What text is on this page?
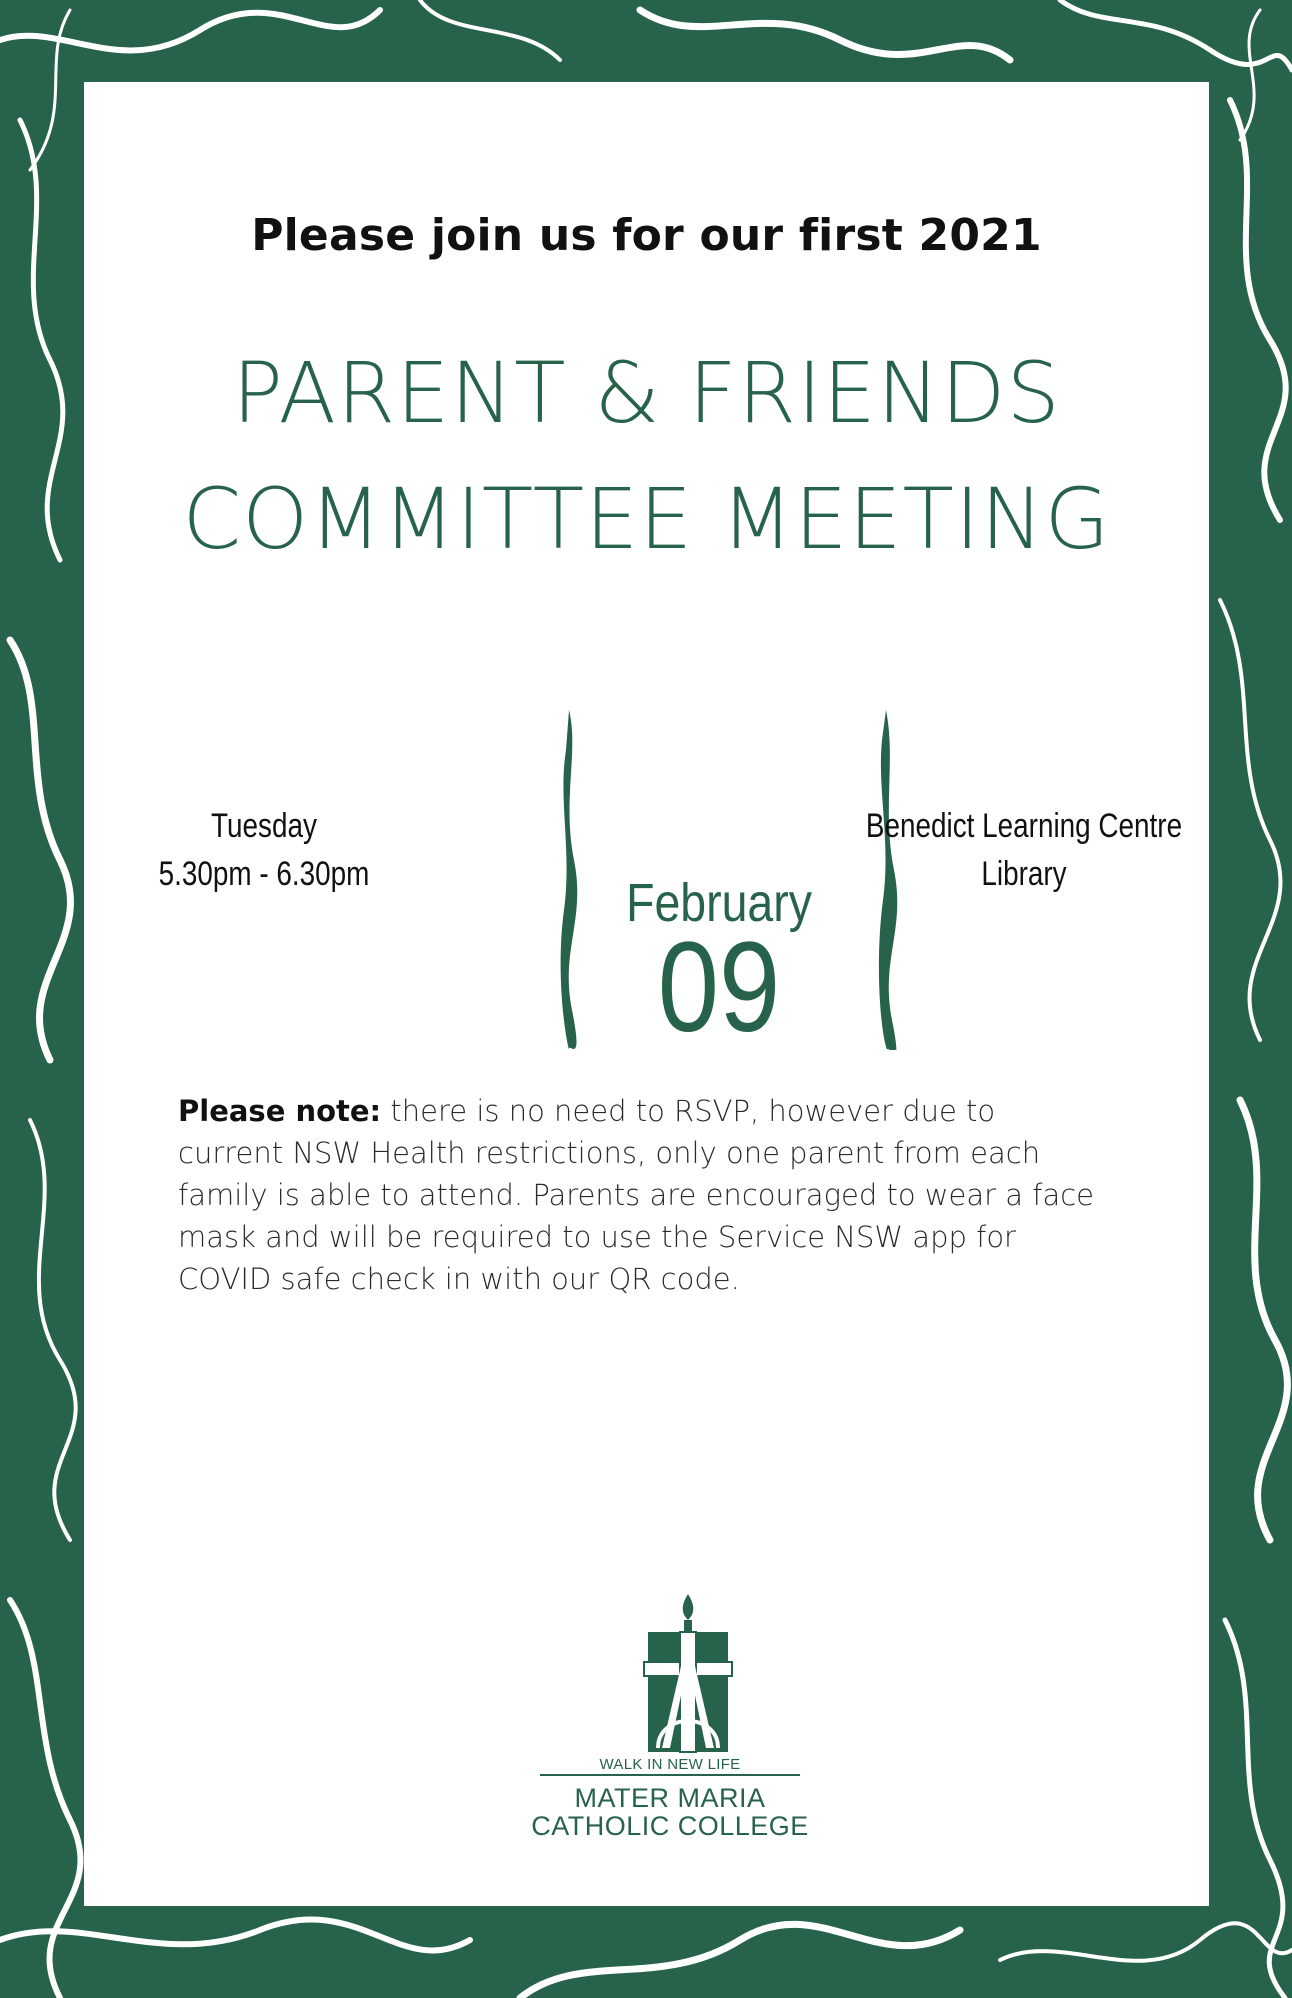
Please join us for our first 2021
PARENT & FRIENDS
COMMITTEE MEETING
Tuesday
5.30pm - 6.30pm	February
09
Benedict Learning Centre
Library
Please note: there is no need to RSVP, however due to current NSW Health restrictions, only one parent from each family is able to attend. Parents are encouraged to wear a face mask and will be required to use the Service NSW app for COVID safe check in with our QR code.
WALK IN NEW LIFE
MATER MARIA
CATHOLIC COLLEGE
